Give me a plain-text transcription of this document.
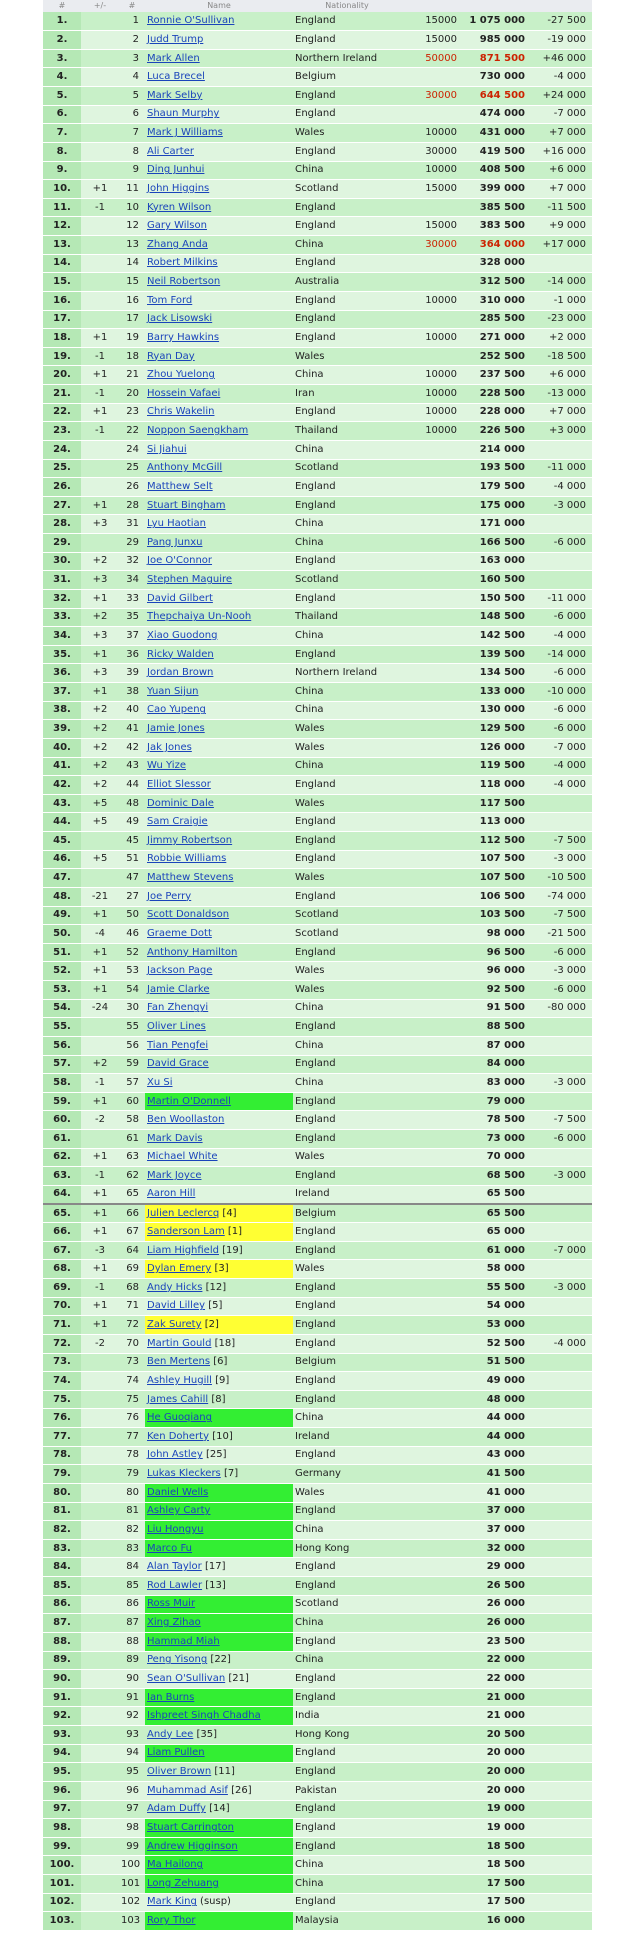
#	+/-	#	Name	Nationality			
1.		1	Ronnie O'Sullivan	England	15000	1 075 000	-27 500
2.		2	Judd Trump	England	15000	985 000	-19 000
3.		3	Mark Allen	Northern Ireland	50000	871 500	+46 000
4.		4	Luca Brecel	Belgium		730 000	-4 000
5.		5	Mark Selby	England	30000	644 500	+24 000
6.		6	Shaun Murphy	England		474 000	-7 000
7.		7	Mark J Williams	Wales	10000	431 000	+7 000
8.		8	Ali Carter	England	30000	419 500	+16 000
9.		9	Ding Junhui	China	10000	408 500	+6 000
10.	+1	11	John Higgins	Scotland	15000	399 000	+7 000
11.	-1	10	Kyren Wilson	England		385 500	-11 500
12.		12	Gary Wilson	England	15000	383 500	+9 000
13.		13	Zhang Anda	China	30000	364 000	+17 000
14.		14	Robert Milkins	England		328 000	
15.		15	Neil Robertson	Australia		312 500	-14 000
16.		16	Tom Ford	England	10000	310 000	-1 000
17.		17	Jack Lisowski	England		285 500	-23 000
18.	+1	19	Barry Hawkins	England	10000	271 000	+2 000
19.	-1	18	Ryan Day	Wales		252 500	-18 500
20.	+1	21	Zhou Yuelong	China	10000	237 500	+6 000
21.	-1	20	Hossein Vafaei	Iran	10000	228 500	-13 000
22.	+1	23	Chris Wakelin	England	10000	228 000	+7 000
23.	-1	22	Noppon Saengkham	Thailand	10000	226 500	+3 000
24.		24	Si Jiahui	China		214 000	
25.		25	Anthony McGill	Scotland		193 500	-11 000
26.		26	Matthew Selt	England		179 500	-4 000
27.	+1	28	Stuart Bingham	England		175 000	-3 000
28.	+3	31	Lyu Haotian	China		171 000	
29.		29	Pang Junxu	China		166 500	-6 000
30.	+2	32	Joe O'Connor	England		163 000	
31.	+3	34	Stephen Maguire	Scotland		160 500	
32.	+1	33	David Gilbert	England		150 500	-11 000
33.	+2	35	Thepchaiya Un-Nooh	Thailand		148 500	-6 000
34.	+3	37	Xiao Guodong	China		142 500	-4 000
35.	+1	36	Ricky Walden	England		139 500	-14 000
36.	+3	39	Jordan Brown	Northern Ireland		134 500	-6 000
37.	+1	38	Yuan Sijun	China		133 000	-10 000
38.	+2	40	Cao Yupeng	China		130 000	-6 000
39.	+2	41	Jamie Jones	Wales		129 500	-6 000
40.	+2	42	Jak Jones	Wales		126 000	-7 000
41.	+2	43	Wu Yize	China		119 500	-4 000
42.	+2	44	Elliot Slessor	England		118 000	-4 000
43.	+5	48	Dominic Dale	Wales		117 500	
44.	+5	49	Sam Craigie	England		113 000	
45.		45	Jimmy Robertson	England		112 500	-7 500
46.	+5	51	Robbie Williams	England		107 500	-3 000
47.		47	Matthew Stevens	Wales		107 500	-10 500
48.	-21	27	Joe Perry	England		106 500	-74 000
49.	+1	50	Scott Donaldson	Scotland		103 500	-7 500
50.	-4	46	Graeme Dott	Scotland		98 000	-21 500
51.	+1	52	Anthony Hamilton	England		96 500	-6 000
52.	+1	53	Jackson Page	Wales		96 000	-3 000
53.	+1	54	Jamie Clarke	Wales		92 500	-6 000
54.	-24	30	Fan Zhengyi	China		91 500	-80 000
55.		55	Oliver Lines	England		88 500	
56.		56	Tian Pengfei	China		87 000	
57.	+2	59	David Grace	England		84 000	
58.	-1	57	Xu Si	China		83 000	-3 000
59.	+1	60	Martin O'Donnell	England		79 000	
60.	-2	58	Ben Woollaston	England		78 500	-7 500
61.		61	Mark Davis	England		73 000	-6 000
62.	+1	63	Michael White	Wales		70 000	
63.	-1	62	Mark Joyce	England		68 500	-3 000
64.	+1	65	Aaron Hill	Ireland		65 500	
65.	+1	66	Julien Leclercq [4]	Belgium		65 500	
66.	+1	67	Sanderson Lam [1]	England		65 000	
67.	-3	64	Liam Highfield [19]	England		61 000	-7 000
68.	+1	69	Dylan Emery [3]	Wales		58 000	
69.	-1	68	Andy Hicks [12]	England		55 500	-3 000
70.	+1	71	David Lilley [5]	England		54 000	
71.	+1	72	Zak Surety [2]	England		53 000	
72.	-2	70	Martin Gould [18]	England		52 500	-4 000
73.		73	Ben Mertens [6]	Belgium		51 500	
74.		74	Ashley Hugill [9]	England		49 000	
75.		75	James Cahill [8]	England		48 000	
76.		76	He Guoqiang	China		44 000	
77.		77	Ken Doherty [10]	Ireland		44 000	
78.		78	John Astley [25]	England		43 000	
79.		79	Lukas Kleckers [7]	Germany		41 500	
80.		80	Daniel Wells	Wales		41 000	
81.		81	Ashley Carty	England		37 000	
82.		82	Liu Hongyu	China		37 000	
83.		83	Marco Fu	Hong Kong		32 000	
84.		84	Alan Taylor [17]	England		29 000	
85.		85	Rod Lawler [13]	England		26 500	
86.		86	Ross Muir	Scotland		26 000	
87.		87	Xing Zihao	China		26 000	
88.		88	Hammad Miah	England		23 500	
89.		89	Peng Yisong [22]	China		22 000	
90.		90	Sean O'Sullivan [21]	England		22 000	
91.		91	Ian Burns	England		21 000	
92.		92	Ishpreet Singh Chadha	India		21 000	
93.		93	Andy Lee [35]	Hong Kong		20 500	
94.		94	Liam Pullen	England		20 000	
95.		95	Oliver Brown [11]	England		20 000	
96.		96	Muhammad Asif [26]	Pakistan		20 000	
97.		97	Adam Duffy [14]	England		19 000	
98.		98	Stuart Carrington	England		19 000	
99.		99	Andrew Higginson	England		18 500	
100.		100	Ma Hailong	China		18 500	
101.		101	Long Zehuang	China		17 500	
102.		102	Mark King (susp)	England		17 500	
103.		103	Rory Thor	Malaysia		16 000	
